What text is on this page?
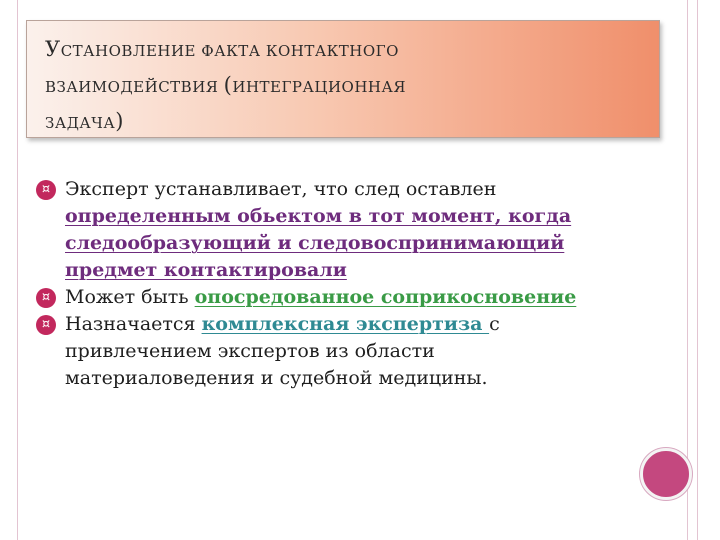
УСТАНОВЛЕНИЕ ФАКТА КОНТАКТНОГО
ВЗАИМОДЕЙСТВИЯ (ИНТЕГРАЦИОННАЯ
ЗАДАЧА)
¤ Эксперт устанавливает, что след оставлен определенным обьектом в тот момент, когда следообразующий и следовоспринимающий предмет контактировали
¤ Может быть опосредованное соприкосновение
¤ Назначается комплексная экспертиза с привлечением экспертов из области материаловедения и судебной медицины.
